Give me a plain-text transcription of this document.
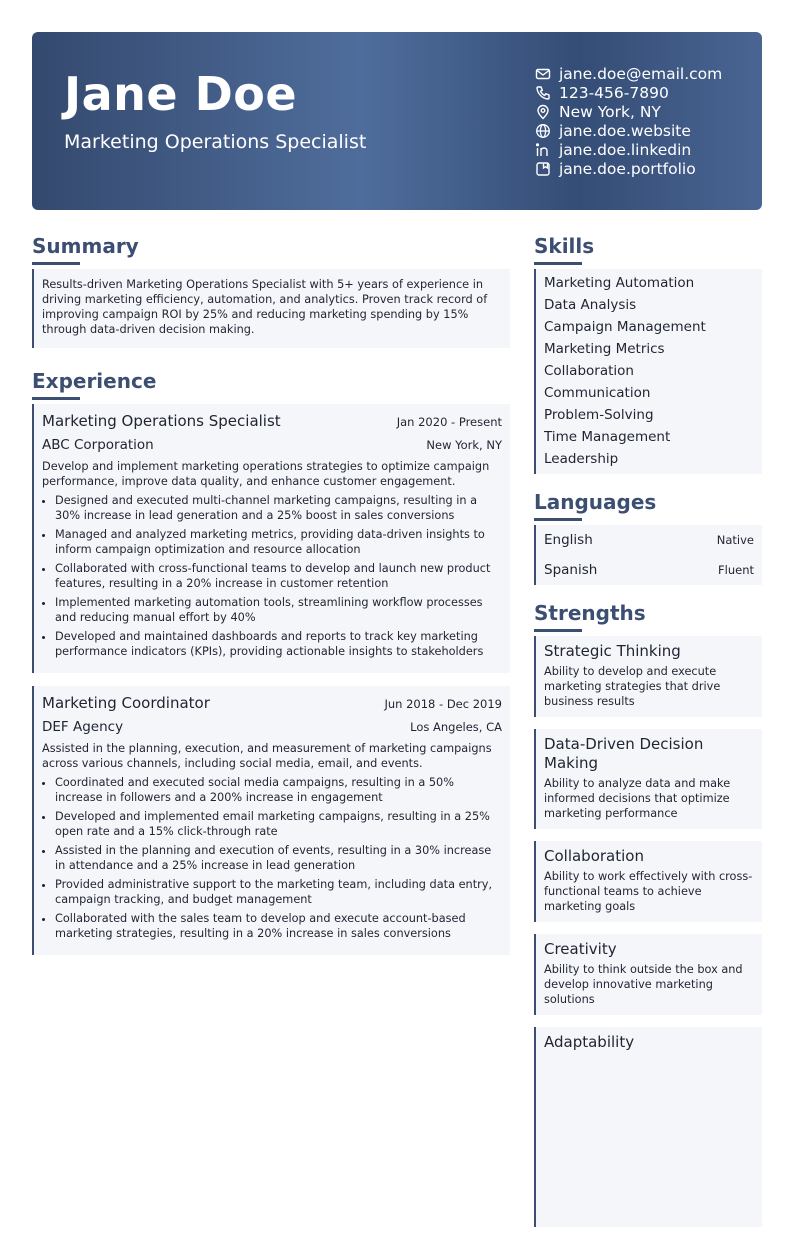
Jane Doe
Marketing Operations Specialist
jane.doe@email.com
123-456-7890
New York, NY
jane.doe.website
jane.doe.linkedin
jane.doe.portfolio
Summary
Results-driven Marketing Operations Specialist with 5+ years of experience in driving marketing efficiency, automation, and analytics. Proven track record of improving campaign ROI by 25% and reducing marketing spending by 15% through data-driven decision making.
Experience
Marketing Operations Specialist	Jan 2020 - Present
ABC Corporation	New York, NY
Develop and implement marketing operations strategies to optimize campaign performance, improve data quality, and enhance customer engagement.
• Designed and executed multi-channel marketing campaigns, resulting in a 30% increase in lead generation and a 25% boost in sales conversions
• Managed and analyzed marketing metrics, providing data-driven insights to inform campaign optimization and resource allocation
• Collaborated with cross-functional teams to develop and launch new product features, resulting in a 20% increase in customer retention
• Implemented marketing automation tools, streamlining workflow processes and reducing manual effort by 40%
• Developed and maintained dashboards and reports to track key marketing performance indicators (KPIs), providing actionable insights to stakeholders
Marketing Coordinator	Jun 2018 - Dec 2019
DEF Agency	Los Angeles, CA
Assisted in the planning, execution, and measurement of marketing campaigns across various channels, including social media, email, and events.
• Coordinated and executed social media campaigns, resulting in a 50% increase in followers and a 200% increase in engagement
• Developed and implemented email marketing campaigns, resulting in a 25% open rate and a 15% click-through rate
• Assisted in the planning and execution of events, resulting in a 30% increase in attendance and a 25% increase in lead generation
• Provided administrative support to the marketing team, including data entry, campaign tracking, and budget management
• Collaborated with the sales team to develop and execute account-based marketing strategies, resulting in a 20% increase in sales conversions
Skills
Marketing Automation
Data Analysis
Campaign Management
Marketing Metrics
Collaboration
Communication
Problem-Solving
Time Management
Leadership
Languages
English	Native
Spanish	Fluent
Strengths
Strategic Thinking
Ability to develop and execute marketing strategies that drive business results
Data-Driven Decision Making
Ability to analyze data and make informed decisions that optimize marketing performance
Collaboration
Ability to work effectively with cross-functional teams to achieve marketing goals
Creativity
Ability to think outside the box and develop innovative marketing solutions
Adaptability
